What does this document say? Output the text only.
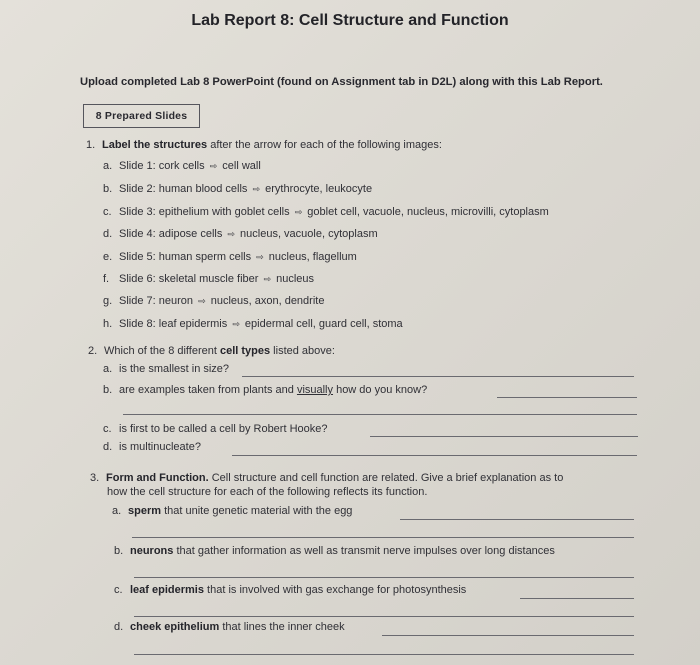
Lab Report 8: Cell Structure and Function
Upload completed Lab 8 PowerPoint (found on Assignment tab in D2L) along with this Lab Report.
8 Prepared Slides
1. Label the structures after the arrow for each of the following images:
a. Slide 1: cork cells ⇨ cell wall
b. Slide 2: human blood cells ⇨ erythrocyte, leukocyte
c. Slide 3: epithelium with goblet cells ⇨ goblet cell, vacuole, nucleus, microvilli, cytoplasm
d. Slide 4: adipose cells ⇨ nucleus, vacuole, cytoplasm
e. Slide 5: human sperm cells ⇨ nucleus, flagellum
f. Slide 6: skeletal muscle fiber ⇨ nucleus
g. Slide 7: neuron ⇨ nucleus, axon, dendrite
h. Slide 8: leaf epidermis ⇨ epidermal cell, guard cell, stoma
2. Which of the 8 different cell types listed above:
a. is the smallest in size?
b. are examples taken from plants and visually how do you know?
c. is first to be called a cell by Robert Hooke?
d. is multinucleate?
3. Form and Function. Cell structure and cell function are related. Give a brief explanation as to
how the cell structure for each of the following reflects its function.
a. sperm that unite genetic material with the egg
b. neurons that gather information as well as transmit nerve impulses over long distances
c. leaf epidermis that is involved with gas exchange for photosynthesis
d. cheek epithelium that lines the inner cheek
